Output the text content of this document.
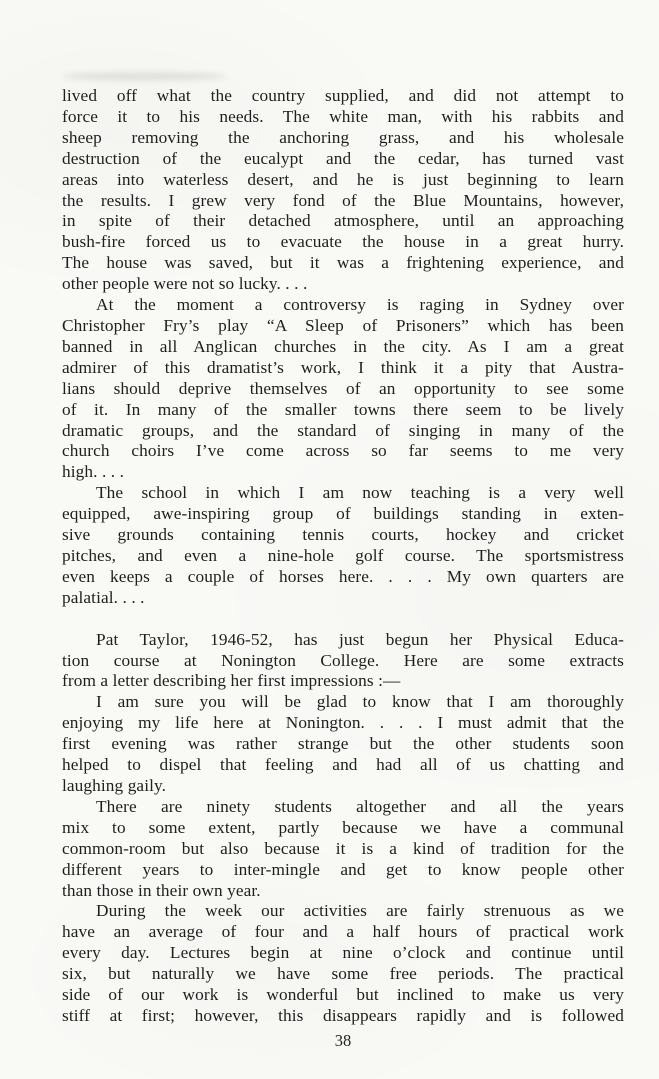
lived off what the country supplied, and did not attempt to
force it to his needs. The white man, with his rabbits and
sheep removing the anchoring grass, and his wholesale
destruction of the eucalypt and the cedar, has turned vast
areas into waterless desert, and he is just beginning to learn
the results. I grew very fond of the Blue Mountains, however,
in spite of their detached atmosphere, until an approaching
bush-fire forced us to evacuate the house in a great hurry.
The house was saved, but it was a frightening experience, and
other people were not so lucky. . . .
At the moment a controversy is raging in Sydney over
Christopher Fry’s play “A Sleep of Prisoners” which has been
banned in all Anglican churches in the city. As I am a great
admirer of this dramatist’s work, I think it a pity that Austra-
lians should deprive themselves of an opportunity to see some
of it. In many of the smaller towns there seem to be lively
dramatic groups, and the standard of singing in many of the
church choirs I’ve come across so far seems to me very
high. . . .
The school in which I am now teaching is a very well
equipped, awe-inspiring group of buildings standing in exten-
sive grounds containing tennis courts, hockey and cricket
pitches, and even a nine-hole golf course. The sportsmistress
even keeps a couple of horses here. . . . My own quarters are
palatial. . . .
Pat Taylor, 1946-52, has just begun her Physical Educa-
tion course at Nonington College. Here are some extracts
from a letter describing her first impressions :—
I am sure you will be glad to know that I am thoroughly
enjoying my life here at Nonington. . . . I must admit that the
first evening was rather strange but the other students soon
helped to dispel that feeling and had all of us chatting and
laughing gaily.
There are ninety students altogether and all the years
mix to some extent, partly because we have a communal
common-room but also because it is a kind of tradition for the
different years to inter-mingle and get to know people other
than those in their own year.
During the week our activities are fairly strenuous as we
have an average of four and a half hours of practical work
every day. Lectures begin at nine o’clock and continue until
six, but naturally we have some free periods. The practical
side of our work is wonderful but inclined to make us very
stiff at first; however, this disappears rapidly and is followed
38
